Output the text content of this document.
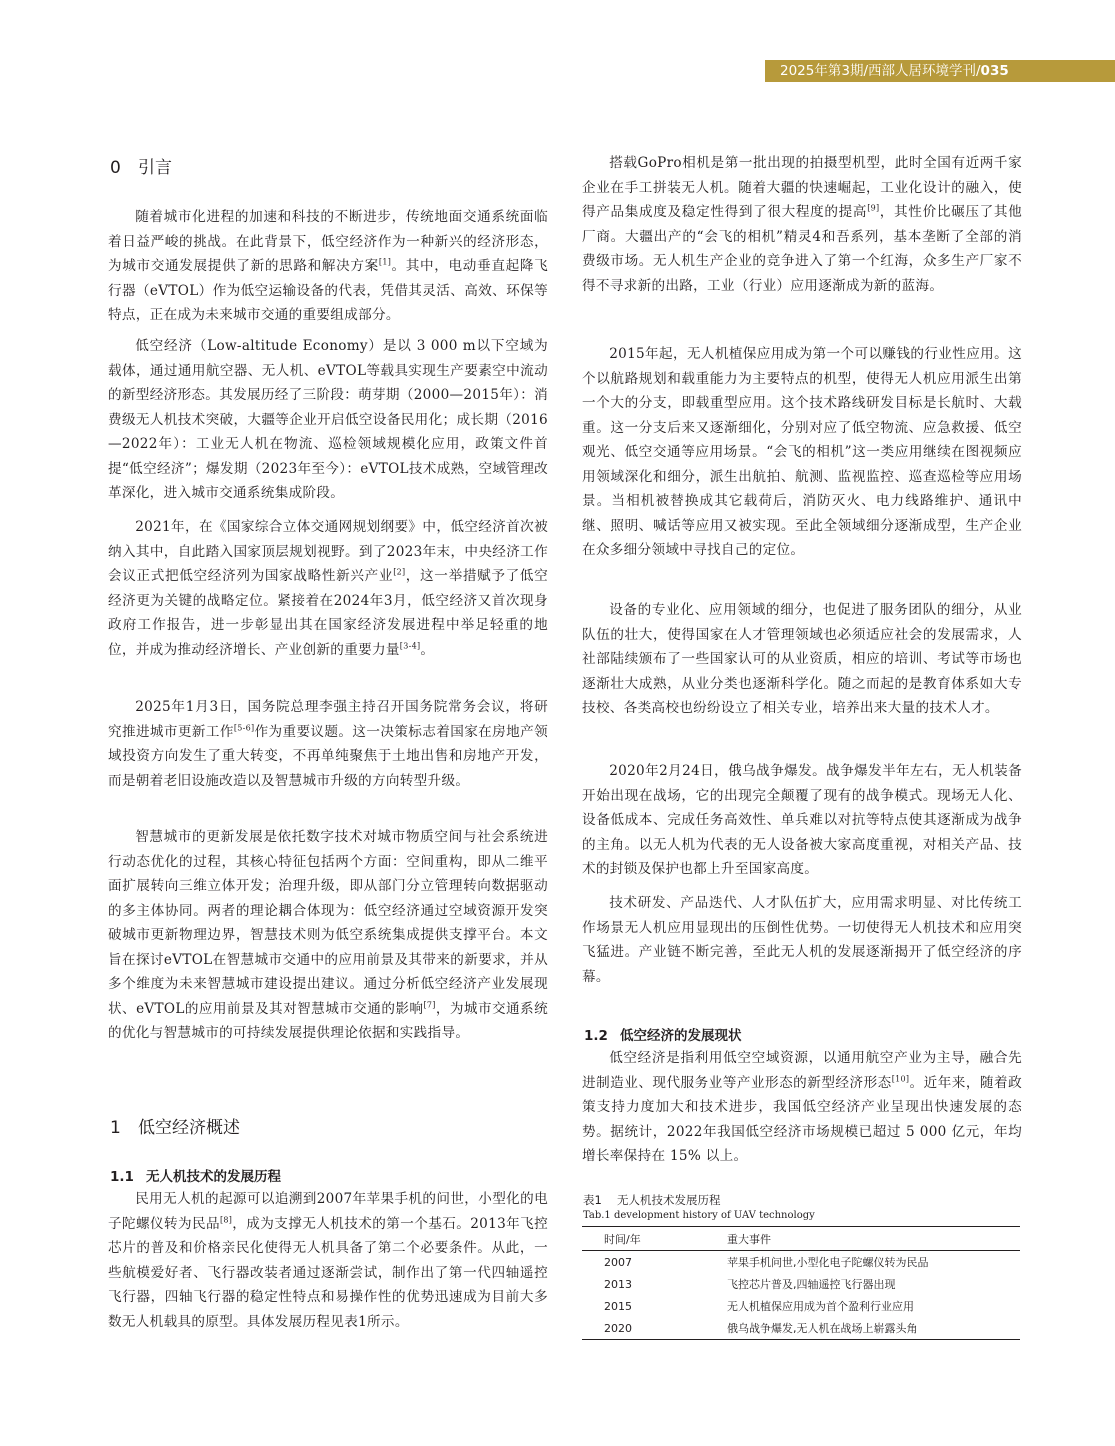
2025年第3期/西部人居环境学刊/035
0 引言

随着城市化进程的加速和科技的不断进步，传统地面交通系统面临着日益严峻的挑战。在此背景下，低空经济作为一种新兴的经济形态，为城市交通发展提供了新的思路和解决方案[1]。其中，电动垂直起降飞行器（eVTOL）作为低空运输设备的代表，凭借其灵活、高效、环保等特点，正在成为未来城市交通的重要组成部分。

低空经济（Low-altitude Economy）是以 3 000 m以下空域为载体，通过通用航空器、无人机、eVTOL等载具实现生产要素空中流动的新型经济形态。其发展历经了三阶段：萌芽期（2000—2015年）：消费级无人机技术突破，大疆等企业开启低空设备民用化；成长期（2016—2022年）：工业无人机在物流、巡检领域规模化应用，政策文件首提“低空经济”；爆发期（2023年至今）：eVTOL技术成熟，空域管理改革深化，进入城市交通系统集成阶段。

2021年，在《国家综合立体交通网规划纲要》中，低空经济首次被纳入其中，自此踏入国家顶层规划视野。到了2023年末，中央经济工作会议正式把低空经济列为国家战略性新兴产业[2]，这一举措赋予了低空经济更为关键的战略定位。紧接着在2024年3月，低空经济又首次现身政府工作报告，进一步彰显出其在国家经济发展进程中举足轻重的地位，并成为推动经济增长、产业创新的重要力量[3-4]。

2025年1月3日，国务院总理李强主持召开国务院常务会议，将研究推进城市更新工作[5-6]作为重要议题。这一决策标志着国家在房地产领域投资方向发生了重大转变，不再单纯聚焦于土地出售和房地产开发，而是朝着老旧设施改造以及智慧城市升级的方向转型升级。

智慧城市的更新发展是依托数字技术对城市物质空间与社会系统进行动态优化的过程，其核心特征包括两个方面：空间重构，即从二维平面扩展转向三维立体开发；治理升级，即从部门分立管理转向数据驱动的多主体协同。两者的理论耦合体现为：低空经济通过空域资源开发突破城市更新物理边界，智慧技术则为低空系统集成提供支撑平台。本文旨在探讨eVTOL在智慧城市交通中的应用前景及其带来的新要求，并从多个维度为未来智慧城市建设提出建议。通过分析低空经济产业发展现状、eVTOL的应用前景及其对智慧城市交通的影响[7]，为城市交通系统的优化与智慧城市的可持续发展提供理论依据和实践指导。

1 低空经济概述
1.1 无人机技术的发展历程

民用无人机的起源可以追溯到2007年苹果手机的问世，小型化的电子陀螺仪转为民品[8]，成为支撑无人机技术的第一个基石。2013年飞控芯片的普及和价格亲民化使得无人机具备了第二个必要条件。从此，一些航模爱好者、飞行器改装者通过逐渐尝试，制作出了第一代四轴遥控飞行器，四轴飞行器的稳定性特点和易操作性的优势迅速成为目前大多数无人机载具的原型。具体发展历程见表1所示。

搭载GoPro相机是第一批出现的拍摄型机型，此时全国有近两千家企业在手工拼装无人机。随着大疆的快速崛起，工业化设计的融入，使得产品集成度及稳定性得到了很大程度的提高[9]，其性价比碾压了其他厂商。大疆出产的“会飞的相机”精灵4和吾系列，基本垄断了全部的消费级市场。无人机生产企业的竞争进入了第一个红海，众多生产厂家不得不寻求新的出路，工业（行业）应用逐渐成为新的蓝海。

2015年起，无人机植保应用成为第一个可以赚钱的行业性应用。这个以航路规划和载重能力为主要特点的机型，使得无人机应用派生出第一个大的分支，即载重型应用。这个技术路线研发目标是长航时、大载重。这一分支后来又逐渐细化，分别对应了低空物流、应急救援、低空观光、低空交通等应用场景。“会飞的相机”这一类应用继续在图视频应用领域深化和细分，派生出航拍、航测、监视监控、巡查巡检等应用场景。当相机被替换成其它载荷后，消防灭火、电力线路维护、通讯中继、照明、喊话等应用又被实现。至此全领域细分逐渐成型，生产企业在众多细分领域中寻找自己的定位。

设备的专业化、应用领域的细分，也促进了服务团队的细分，从业队伍的壮大，使得国家在人才管理领域也必须适应社会的发展需求，人社部陆续颁布了一些国家认可的从业资质，相应的培训、考试等市场也逐渐壮大成熟，从业分类也逐渐科学化。随之而起的是教育体系如大专技校、各类高校也纷纷设立了相关专业，培养出来大量的技术人才。

2020年2月24日，俄乌战争爆发。战争爆发半年左右，无人机装备开始出现在战场，它的出现完全颠覆了现有的战争模式。现场无人化、设备低成本、完成任务高效性、单兵难以对抗等特点使其逐渐成为战争的主角。以无人机为代表的无人设备被大家高度重视，对相关产品、技术的封锁及保护也都上升至国家高度。

技术研发、产品迭代、人才队伍扩大，应用需求明显、对比传统工作场景无人机应用显现出的压倒性优势。一切使得无人机技术和应用突飞猛进。产业链不断完善，至此无人机的发展逐渐揭开了低空经济的序幕。

1.2 低空经济的发展现状

低空经济是指利用低空空域资源，以通用航空产业为主导，融合先进制造业、现代服务业等产业形态的新型经济形态[10]。近年来，随着政策支持力度加大和技术进步，我国低空经济产业呈现出快速发展的态势。据统计，2022年我国低空经济市场规模已超过 5 000 亿元，年均增长率保持在 15% 以上。

表1 无人机技术发展历程
Tab.1 development history of UAV technology
时间/年	重大事件
2007	苹果手机问世,小型化电子陀螺仪转为民品
2013	飞控芯片普及,四轴遥控飞行器出现
2015	无人机植保应用成为首个盈利行业应用
2020	俄乌战争爆发,无人机在战场上崭露头角
